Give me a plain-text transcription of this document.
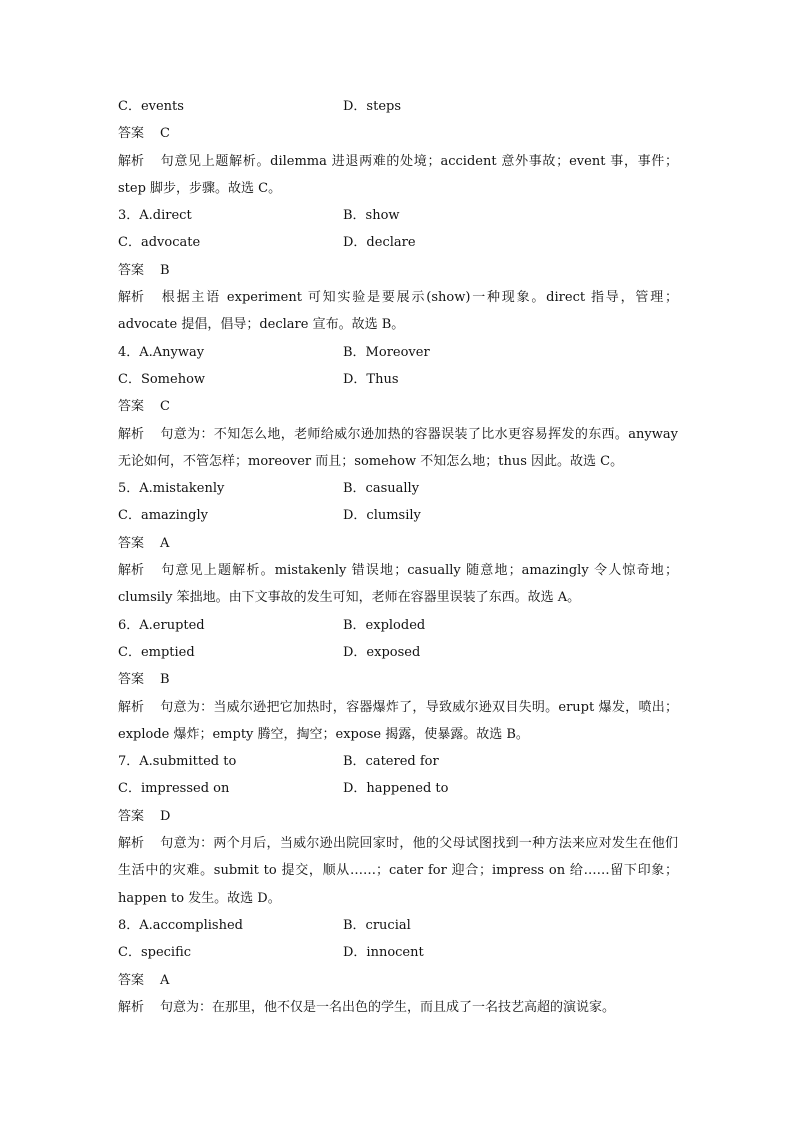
C．events	D．steps
答案 C
解析 句意见上题解析。dilemma 进退两难的处境；accident 意外事故；event 事，事件；step 脚步，步骤。故选 C。
3．A.direct	B．show
C．advocate	D．declare
答案 B
解析 根据主语 experiment 可知实验是要展示(show)一种现象。direct 指导，管理；advocate 提倡，倡导；declare 宣布。故选 B。
4．A.Anyway	B．Moreover
C．Somehow	D．Thus
答案 C
解析 句意为：不知怎么地，老师给威尔逊加热的容器误装了比水更容易挥发的东西。anyway 无论如何，不管怎样；moreover 而且；somehow 不知怎么地；thus 因此。故选 C。
5．A.mistakenly	B．casually
C．amazingly	D．clumsily
答案 A
解析 句意见上题解析。mistakenly 错误地；casually 随意地；amazingly 令人惊奇地；clumsily 笨拙地。由下文事故的发生可知，老师在容器里误装了东西。故选 A。
6．A.erupted	B．exploded
C．emptied	D．exposed
答案 B
解析 句意为：当威尔逊把它加热时，容器爆炸了，导致威尔逊双目失明。erupt 爆发，喷出；explode 爆炸；empty 腾空，掏空；expose 揭露，使暴露。故选 B。
7．A.submitted to	B．catered for
C．impressed on	D．happened to
答案 D
解析 句意为：两个月后，当威尔逊出院回家时，他的父母试图找到一种方法来应对发生在他们生活中的灾难。submit to 提交，顺从……；cater for 迎合；impress on 给……留下印象；happen to 发生。故选 D。
8．A.accomplished	B．crucial
C．specific	D．innocent
答案 A
解析 句意为：在那里，他不仅是一名出色的学生，而且成了一名技艺高超的演说家。
